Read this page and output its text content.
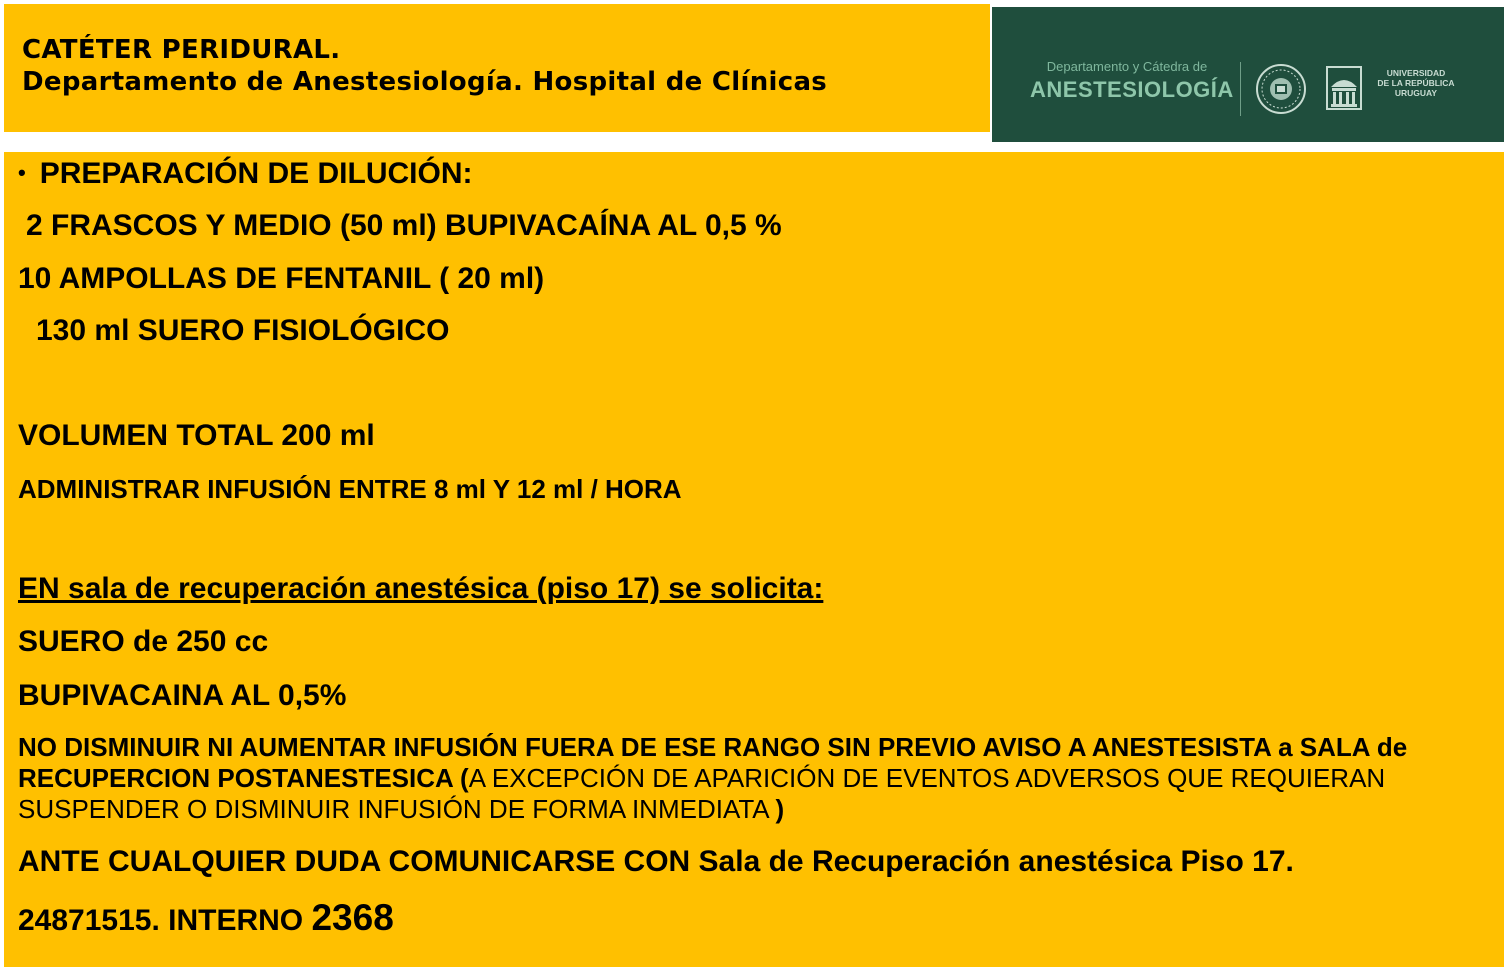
CATÉTER PERIDURAL.
Departamento de Anestesiología. Hospital de Clínicas
Departamento y Cátedra de
ANESTESIOLOGÍA
UNIVERSIDAD
DE LA REPÚBLICA
URUGUAY
• PREPARACIÓN DE DILUCIÓN:
2 FRASCOS Y MEDIO (50 ml) BUPIVACAÍNA AL 0,5 %
10 AMPOLLAS DE FENTANIL ( 20 ml)
130 ml SUERO FISIOLÓGICO
VOLUMEN TOTAL 200 ml
ADMINISTRAR INFUSIÓN ENTRE 8 ml Y 12 ml / HORA
EN sala de recuperación anestésica (piso 17) se solicita:
SUERO de 250 cc
BUPIVACAINA AL 0,5%
NO DISMINUIR NI AUMENTAR INFUSIÓN FUERA DE ESE RANGO SIN PREVIO AVISO A ANESTESISTA a SALA de RECUPERCION POSTANESTESICA (A EXCEPCIÓN DE APARICIÓN DE EVENTOS ADVERSOS QUE REQUIERAN SUSPENDER O DISMINUIR INFUSIÓN DE FORMA INMEDIATA )
ANTE CUALQUIER DUDA COMUNICARSE CON Sala de Recuperación anestésica Piso 17.
24871515. INTERNO 2368
